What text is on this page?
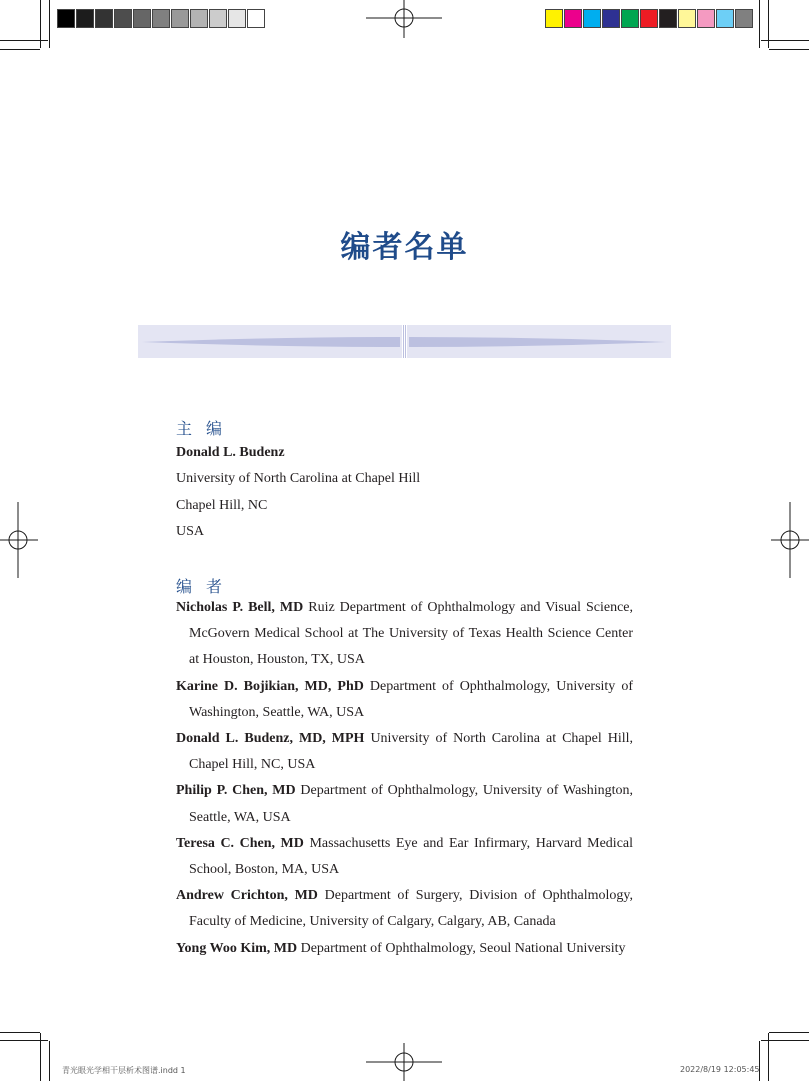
编者名单
主编
Donald L. Budenz
University of North Carolina at Chapel Hill
Chapel Hill, NC
USA
编者
Nicholas P. Bell, MD Ruiz Department of Ophthalmology and Visual Science, McGovern Medical School at The University of Texas Health Science Center at Houston, Houston, TX, USA
Karine D. Bojikian, MD, PhD Department of Ophthalmology, University of Washington, Seattle, WA, USA
Donald L. Budenz, MD, MPH University of North Carolina at Chapel Hill, Chapel Hill, NC, USA
Philip P. Chen, MD Department of Ophthalmology, University of Washington, Seattle, WA, USA
Teresa C. Chen, MD Massachusetts Eye and Ear Infirmary, Harvard Medical School, Boston, MA, USA
Andrew Crichton, MD Department of Surgery, Division of Ophthalmology, Faculty of Medicine, University of Calgary, Calgary, AB, Canada
Yong Woo Kim, MD Department of Ophthalmology, Seoul National University
青光眼光学相干层析术图谱.indd 1	2022/8/19 12:05:45
